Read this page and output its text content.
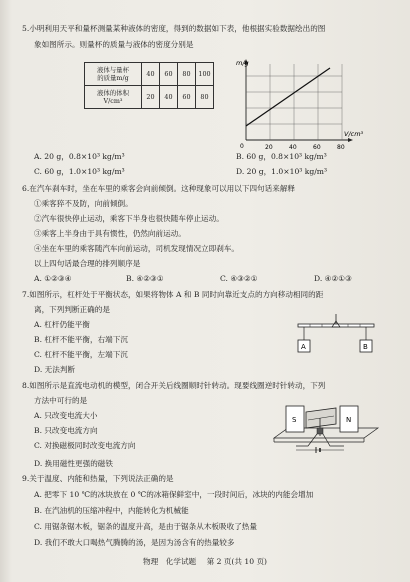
5.小明利用天平和量杯测量某种液体的密度，得到的数据如下表，他根据实验数据绘出的图
象如图所示。则量杯的质量与液体的密度分别是
液体与量杯
的质量m/g	40	60	80	100
液体的体积
V/cm³	20	40	60	80
m/g
V/cm³
0	20	40	60	80
A. 20 g，0.8×10³ kg/m³	B. 60 g，0.8×10³ kg/m³
C. 60 g，1.0×10³ kg/m³	D. 20 g，1.0×10³ kg/m³
6.在汽车刹车时，坐在车里的乘客会向前倾倒。这种现象可以用以下四句话来解释
①乘客猝不及防，向前倾倒。
②汽车很快停止运动，乘客下半身也很快随车停止运动。
③乘客上半身由于具有惯性，仍然向前运动。
④坐在车里的乘客随汽车向前运动，司机发现情况立即刹车。
以上四句话最合理的排列顺序是
A. ①②③④	B. ④②③①	C. ④③②①	D. ④②①③
7.如图所示，杠杆处于平衡状态，如果将物体 A 和 B 同时向靠近支点的方向移动相同的距
离，下列判断正确的是
A. 杠杆仍能平衡
B. 杠杆不能平衡，右端下沉
C. 杠杆不能平衡，左端下沉
D. 无法判断
A	B
8.如图所示是直流电动机的模型，闭合开关后线圈顺时针转动。现要线圈逆时针转动，下列
方法中可行的是
A. 只改变电流大小
B. 只改变电流方向
C. 对换磁极同时改变电流方向
D. 换用磁性更强的磁铁
S	N
9.关于温度、内能和热量，下列说法正确的是
A. 把零下 10 ℃的冰块放在 0 ℃的冰箱保鲜室中，一段时间后，冰块的内能会增加
B. 在汽油机的压缩冲程中，内能转化为机械能
C. 用锯条锯木板，锯条的温度升高，是由于锯条从木板吸收了热量
D. 我们不敢大口喝热气腾腾的汤，是因为汤含有的热量较多
物理　化学试题 第 2 页(共 10 页)
